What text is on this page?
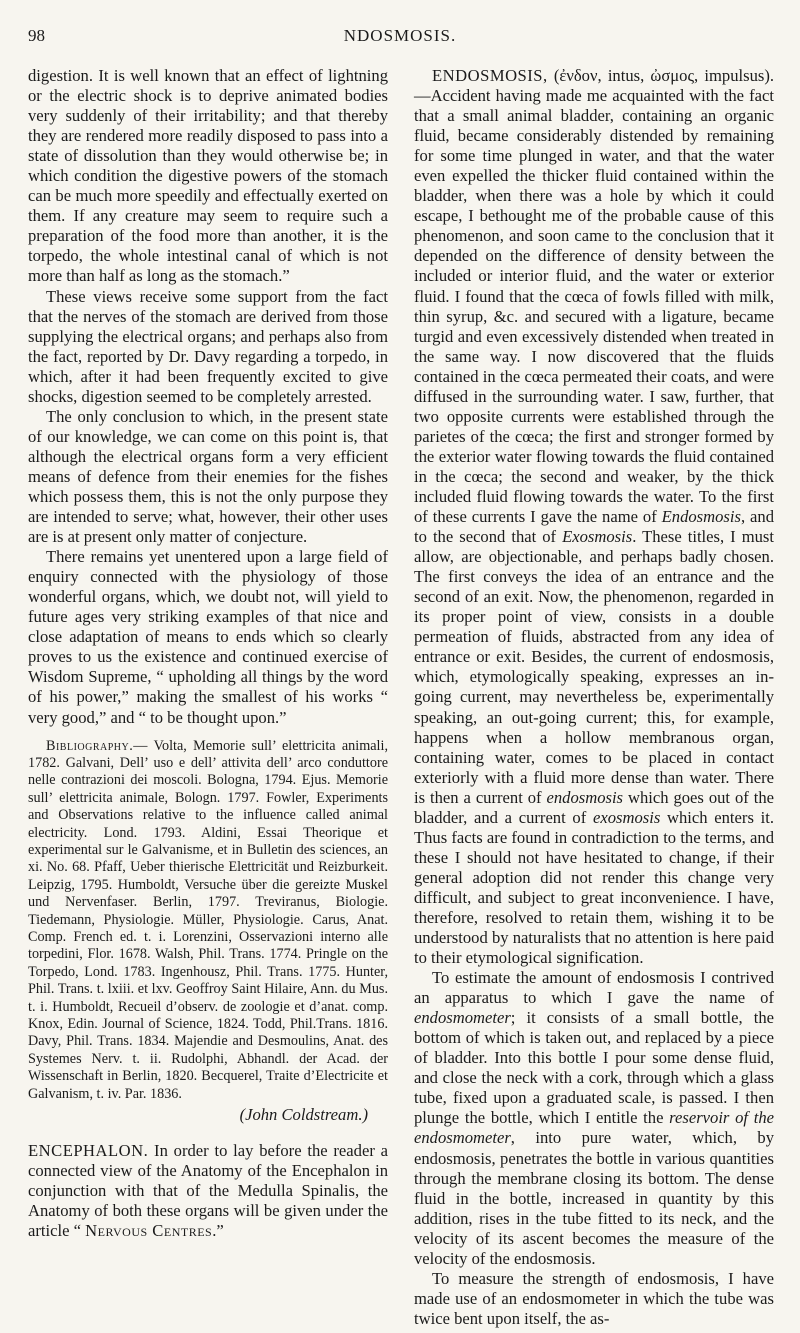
98	NDOSMOSIS.

digestion. It is well known that an effect of lightning or the electric shock is to deprive animated bodies very suddenly of their irritability; and that thereby they are rendered more readily disposed to pass into a state of dissolution than they would otherwise be; in which condition the digestive powers of the stomach can be much more speedily and effectually exerted on them. If any creature may seem to require such a preparation of the food more than another, it is the torpedo, the whole intestinal canal of which is not more than half as long as the stomach.”

These views receive some support from the fact that the nerves of the stomach are derived from those supplying the electrical organs; and perhaps also from the fact, reported by Dr. Davy regarding a torpedo, in which, after it had been frequently excited to give shocks, digestion seemed to be completely arrested.

The only conclusion to which, in the present state of our knowledge, we can come on this point is, that although the electrical organs form a very efficient means of defence from their enemies for the fishes which possess them, this is not the only purpose they are intended to serve; what, however, their other uses are is at present only matter of conjecture.

There remains yet unentered upon a large field of enquiry connected with the physiology of those wonderful organs, which, we doubt not, will yield to future ages very striking examples of that nice and close adaptation of means to ends which so clearly proves to us the existence and continued exercise of Wisdom Supreme, “ upholding all things by the word of his power,” making the smallest of his works “ very good,” and “ to be thought upon.”

Bibliography.— Volta, Memorie sull’ elettricita animali, 1782. Galvani, Dell’ uso e dell’ attivita dell’ arco conduttore nelle contrazioni dei moscoli. Bologna, 1794. Ejus. Memorie sull’ elettricita animale, Bologn. 1797. Fowler, Experiments and Observations relative to the influence called animal electricity. Lond. 1793. Aldini, Essai Theorique et experimental sur le Galvanisme, et in Bulletin des sciences, an xi. No. 68. Pfaff, Ueber thierische Elettricität und Reizburkeit. Leipzig, 1795. Humboldt, Versuche über die gereizte Muskel und Nervenfaser. Berlin, 1797. Treviranus, Biologie. Tiedemann, Physiologie. Müller, Physiologie. Carus, Anat. Comp. French ed. t. i. Lorenzini, Osservazioni interno alle torpedini, Flor. 1678. Walsh, Phil. Trans. 1774. Pringle on the Torpedo, Lond. 1783. Ingenhousz, Phil. Trans. 1775. Hunter, Phil. Trans. t. lxiii. et lxv. Geoffroy Saint Hilaire, Ann. du Mus. t. i. Humboldt, Recueil d’observ. de zoologie et d’anat. comp. Knox, Edin. Journal of Science, 1824. Todd, Phil.Trans. 1816. Davy, Phil. Trans. 1834. Majendie and Desmoulins, Anat. des Systemes Nerv. t. ii. Rudolphi, Abhandl. der Acad. der Wissenschaft in Berlin, 1820. Becquerel, Traite d’Electricite et Galvanism, t. iv. Par. 1836.

(John Coldstream.)

ENCEPHALON. In order to lay before the reader a connected view of the Anatomy of the Encephalon in conjunction with that of the Medulla Spinalis, the Anatomy of both these organs will be given under the article “ Nervous Centres.”

ENDOSMOSIS, (ἐνδον, intus, ὠσμος, impulsus).—Accident having made me acquainted with the fact that a small animal bladder, containing an organic fluid, became considerably distended by remaining for some time plunged in water, and that the water even expelled the thicker fluid contained within the bladder, when there was a hole by which it could escape, I bethought me of the probable cause of this phenomenon, and soon came to the conclusion that it depended on the difference of density between the included or interior fluid, and the water or exterior fluid. I found that the cœca of fowls filled with milk, thin syrup, &c. and secured with a ligature, became turgid and even excessively distended when treated in the same way. I now discovered that the fluids contained in the cœca permeated their coats, and were diffused in the surrounding water. I saw, further, that two opposite currents were established through the parietes of the cœca; the first and stronger formed by the exterior water flowing towards the fluid contained in the cœca; the second and weaker, by the thick included fluid flowing towards the water. To the first of these currents I gave the name of Endosmosis, and to the second that of Exosmosis. These titles, I must allow, are objectionable, and perhaps badly chosen. The first conveys the idea of an entrance and the second of an exit. Now, the phenomenon, regarded in its proper point of view, consists in a double permeation of fluids, abstracted from any idea of entrance or exit. Besides, the current of endosmosis, which, etymologically speaking, expresses an in-going current, may nevertheless be, experimentally speaking, an out-going current; this, for example, happens when a hollow membranous organ, containing water, comes to be placed in contact exteriorly with a fluid more dense than water. There is then a current of endosmosis which goes out of the bladder, and a current of exosmosis which enters it. Thus facts are found in contradiction to the terms, and these I should not have hesitated to change, if their general adoption did not render this change very difficult, and subject to great inconvenience. I have, therefore, resolved to retain them, wishing it to be understood by naturalists that no attention is here paid to their etymological signification.

To estimate the amount of endosmosis I contrived an apparatus to which I gave the name of endosmometer; it consists of a small bottle, the bottom of which is taken out, and replaced by a piece of bladder. Into this bottle I pour some dense fluid, and close the neck with a cork, through which a glass tube, fixed upon a graduated scale, is passed. I then plunge the bottle, which I entitle the reservoir of the endosmometer, into pure water, which, by endosmosis, penetrates the bottle in various quantities through the membrane closing its bottom. The dense fluid in the bottle, increased in quantity by this addition, rises in the tube fitted to its neck, and the velocity of its ascent becomes the measure of the velocity of the endosmosis.

To measure the strength of endosmosis, I have made use of an endosmometer in which the tube was twice bent upon itself, the as-
